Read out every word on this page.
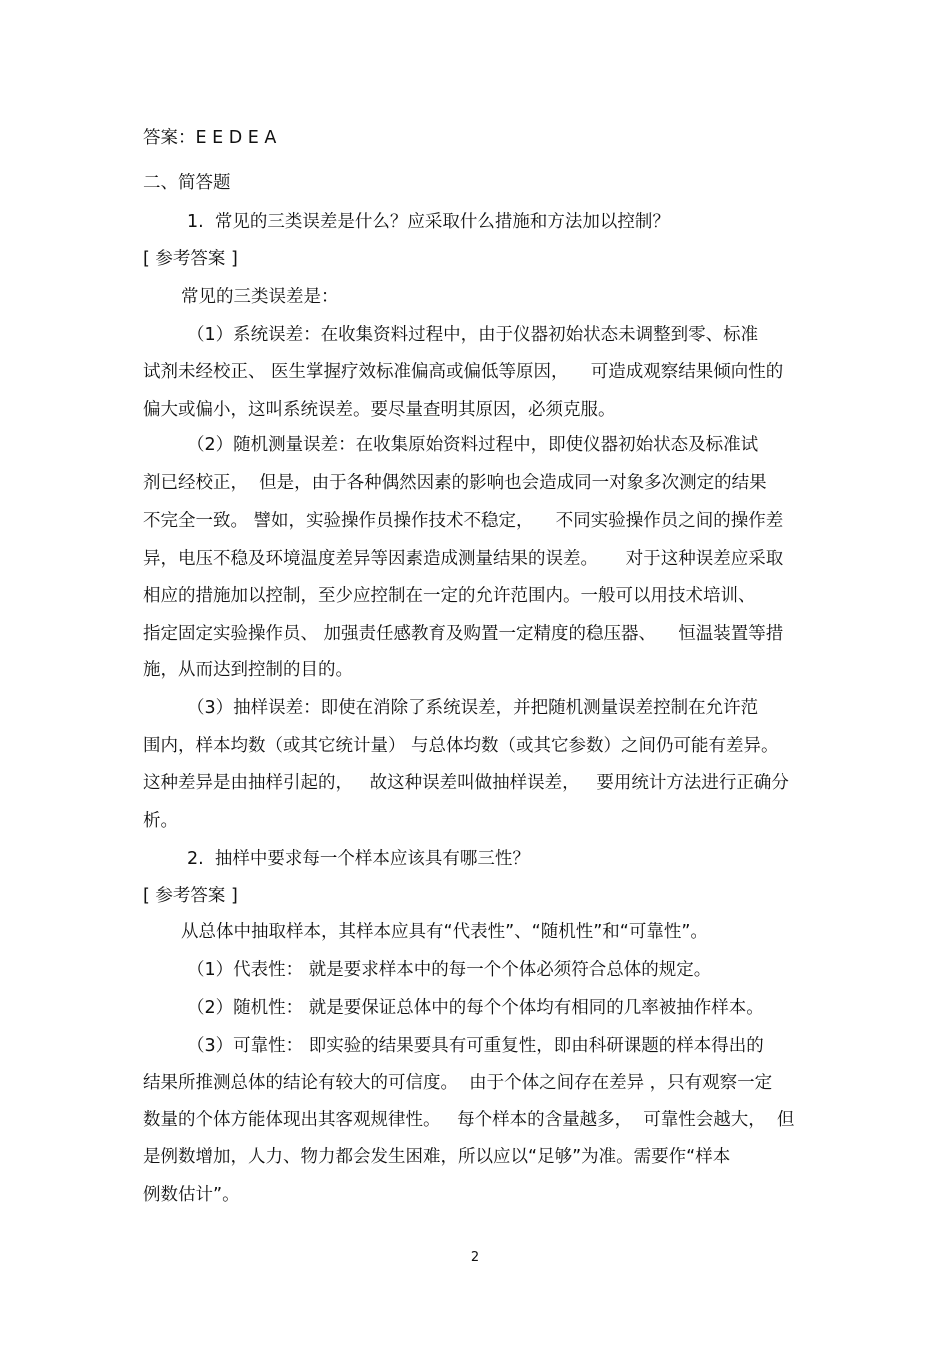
答案：E E D E A
二、简答题
1.  常见的三类误差是什么？应采取什么措施和方法加以控制？
[ 参考答案 ]
常见的三类误差是：
（1）系统误差：在收集资料过程中，由于仪器初始状态未调整到零、标准
试剂未经校正、 医生掌握疗效标准偏高或偏低等原因，    可造成观察结果倾向性的
偏大或偏小，这叫系统误差。要尽量查明其原因，必须克服。
（2）随机测量误差：在收集原始资料过程中，即使仪器初始状态及标准试
剂已经校正，  但是，由于各种偶然因素的影响也会造成同一对象多次测定的结果
不完全一致。 譬如，实验操作员操作技术不稳定，    不同实验操作员之间的操作差
异，电压不稳及环境温度差异等因素造成测量结果的误差。     对于这种误差应采取
相应的措施加以控制，至少应控制在一定的允许范围内。一般可以用技术培训、
指定固定实验操作员、 加强责任感教育及购置一定精度的稳压器、    恒温装置等措
施，从而达到控制的目的。
（3）抽样误差：即使在消除了系统误差，并把随机测量误差控制在允许范
围内，样本均数（或其它统计量） 与总体均数（或其它参数）之间仍可能有差异。
这种差异是由抽样引起的，   故这种误差叫做抽样误差，   要用统计方法进行正确分
析。
2.  抽样中要求每一个样本应该具有哪三性？
[ 参考答案 ]
从总体中抽取样本，其样本应具有“代表性”、“随机性”和“可靠性”。
（1）代表性： 就是要求样本中的每一个个体必须符合总体的规定。
（2）随机性： 就是要保证总体中的每个个体均有相同的几率被抽作样本。
（3）可靠性： 即实验的结果要具有可重复性，即由科研课题的样本得出的
结果所推测总体的结论有较大的可信度。  由于个体之间存在差异 ，只有观察一定
数量的个体方能体现出其客观规律性。   每个样本的含量越多，  可靠性会越大，  但
是例数增加，人力、物力都会发生困难，所以应以“足够”为准。需要作“样本
例数估计”。
2
